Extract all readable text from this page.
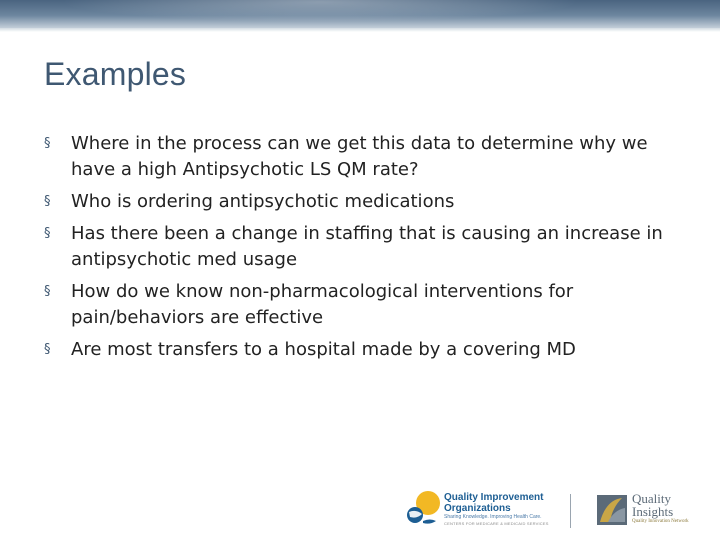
Examples
§	Where in the process can we get this data to determine why we have a high Antipsychotic LS QM rate?
§	Who is ordering antipsychotic medications
§	Has there been a change in staffing that is causing an increase in antipsychotic med usage
§	How do we know non-pharmacological interventions for pain/behaviors are effective
§	Are most transfers to a hospital made by a covering MD
Quality Improvement
Organizations
Sharing Knowledge. Improving Health Care.
CENTERS FOR MEDICARE & MEDICAID SERVICES
Quality
Insights
Quality Innovation Network
